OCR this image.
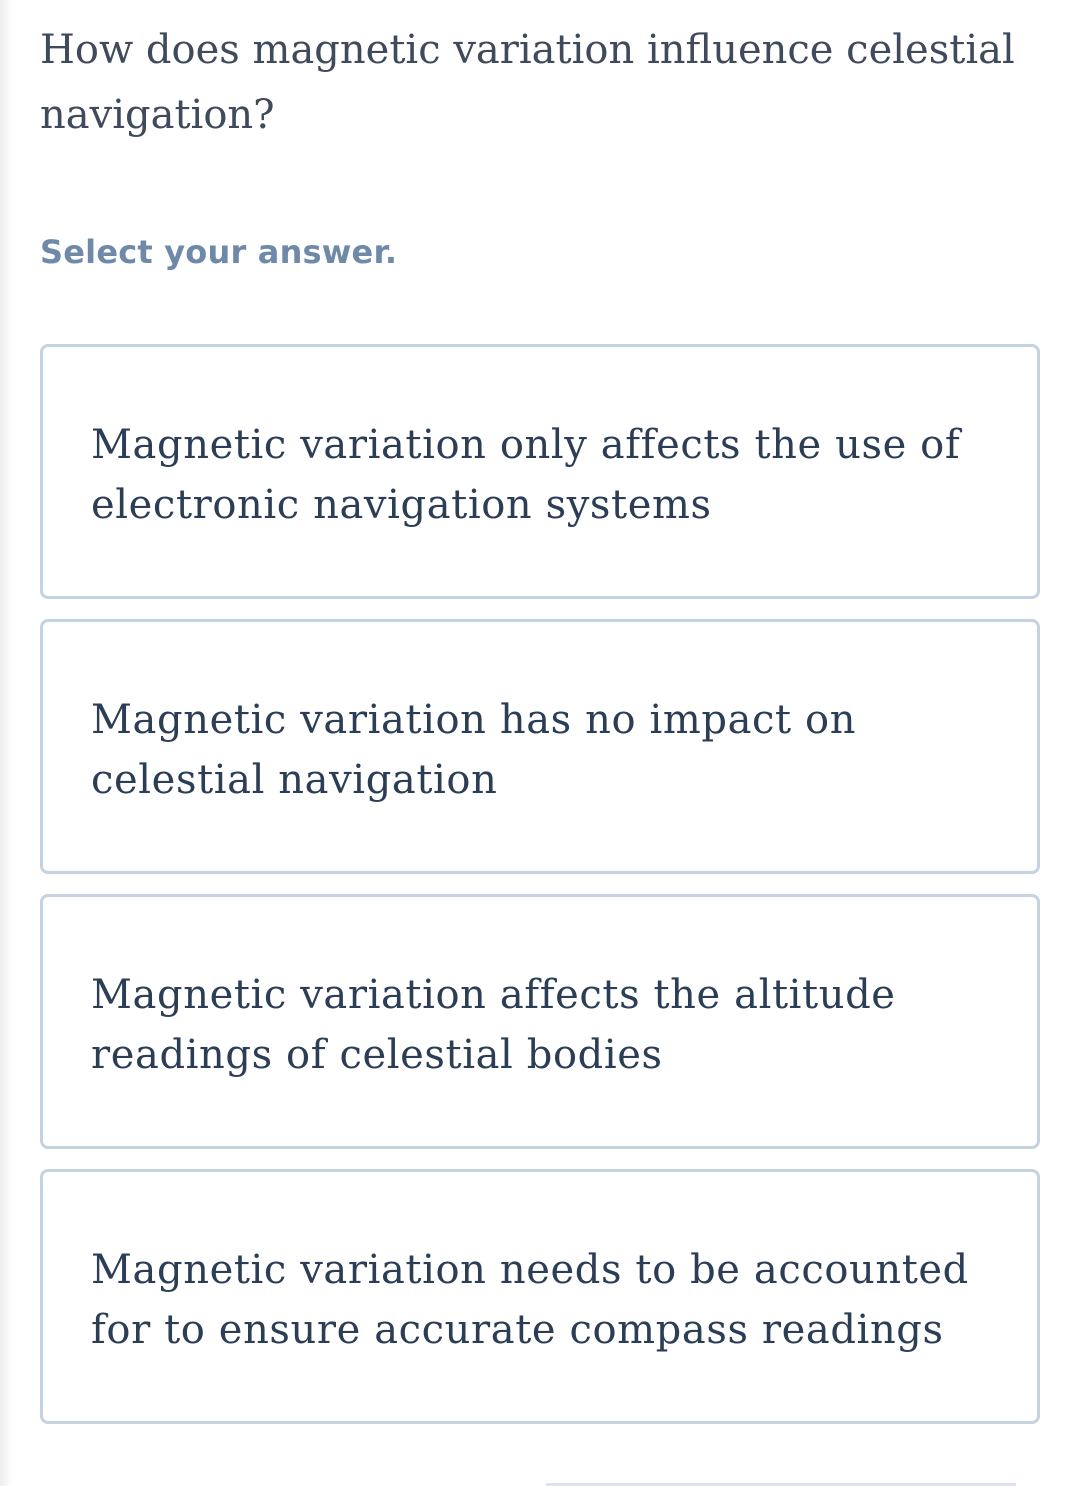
How does magnetic variation influence celestial navigation?
Select your answer.
Magnetic variation only affects the use of electronic navigation systems
Magnetic variation has no impact on celestial navigation
Magnetic variation affects the altitude readings of celestial bodies
Magnetic variation needs to be accounted for to ensure accurate compass readings
